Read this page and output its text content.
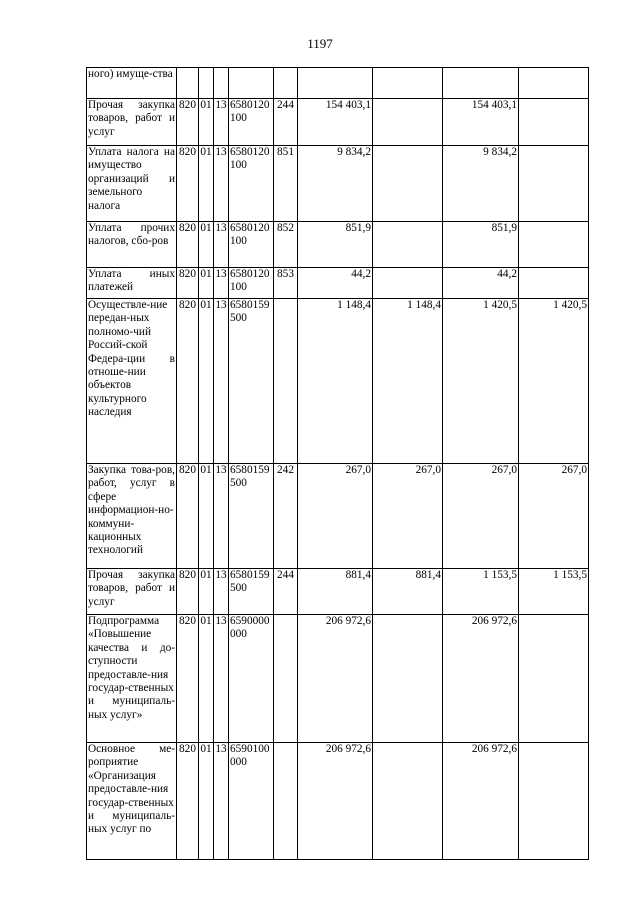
1197
ного) имуще-ства									
Прочая закупка товаров, работ и услуг	820	01	13	6580120100	244	154 403,1		154 403,1	
Уплата налога на имущество организаций и земельного налога	820	01	13	6580120100	851	9 834,2		9 834,2	
Уплата прочих налогов, сбо-ров	820	01	13	6580120100	852	851,9		851,9	
Уплата иных платежей	820	01	13	6580120100	853	44,2		44,2	
Осуществле-ние передан-ных полномо-чий Россий-ской Федера-ции в отноше-нии объектов культурного наследия	820	01	13	6580159500		1 148,4	1 148,4	1 420,5	1 420,5
Закупка това-ров, работ, услуг в сфере информацион-но-коммуни-кационных технологий	820	01	13	6580159500	242	267,0	267,0	267,0	267,0
Прочая закупка товаров, работ и услуг	820	01	13	6580159500	244	881,4	881,4	1 153,5	1 153,5
Подпрограмма «Повышение качества и до-ступности предоставле-ния государ-ственных и муниципаль-ных услуг»	820	01	13	6590000000		206 972,6		206 972,6	
Основное ме-роприятие «Организация предоставле-ния государ-ственных и муниципаль-ных услуг по	820	01	13	6590100000		206 972,6		206 972,6	
